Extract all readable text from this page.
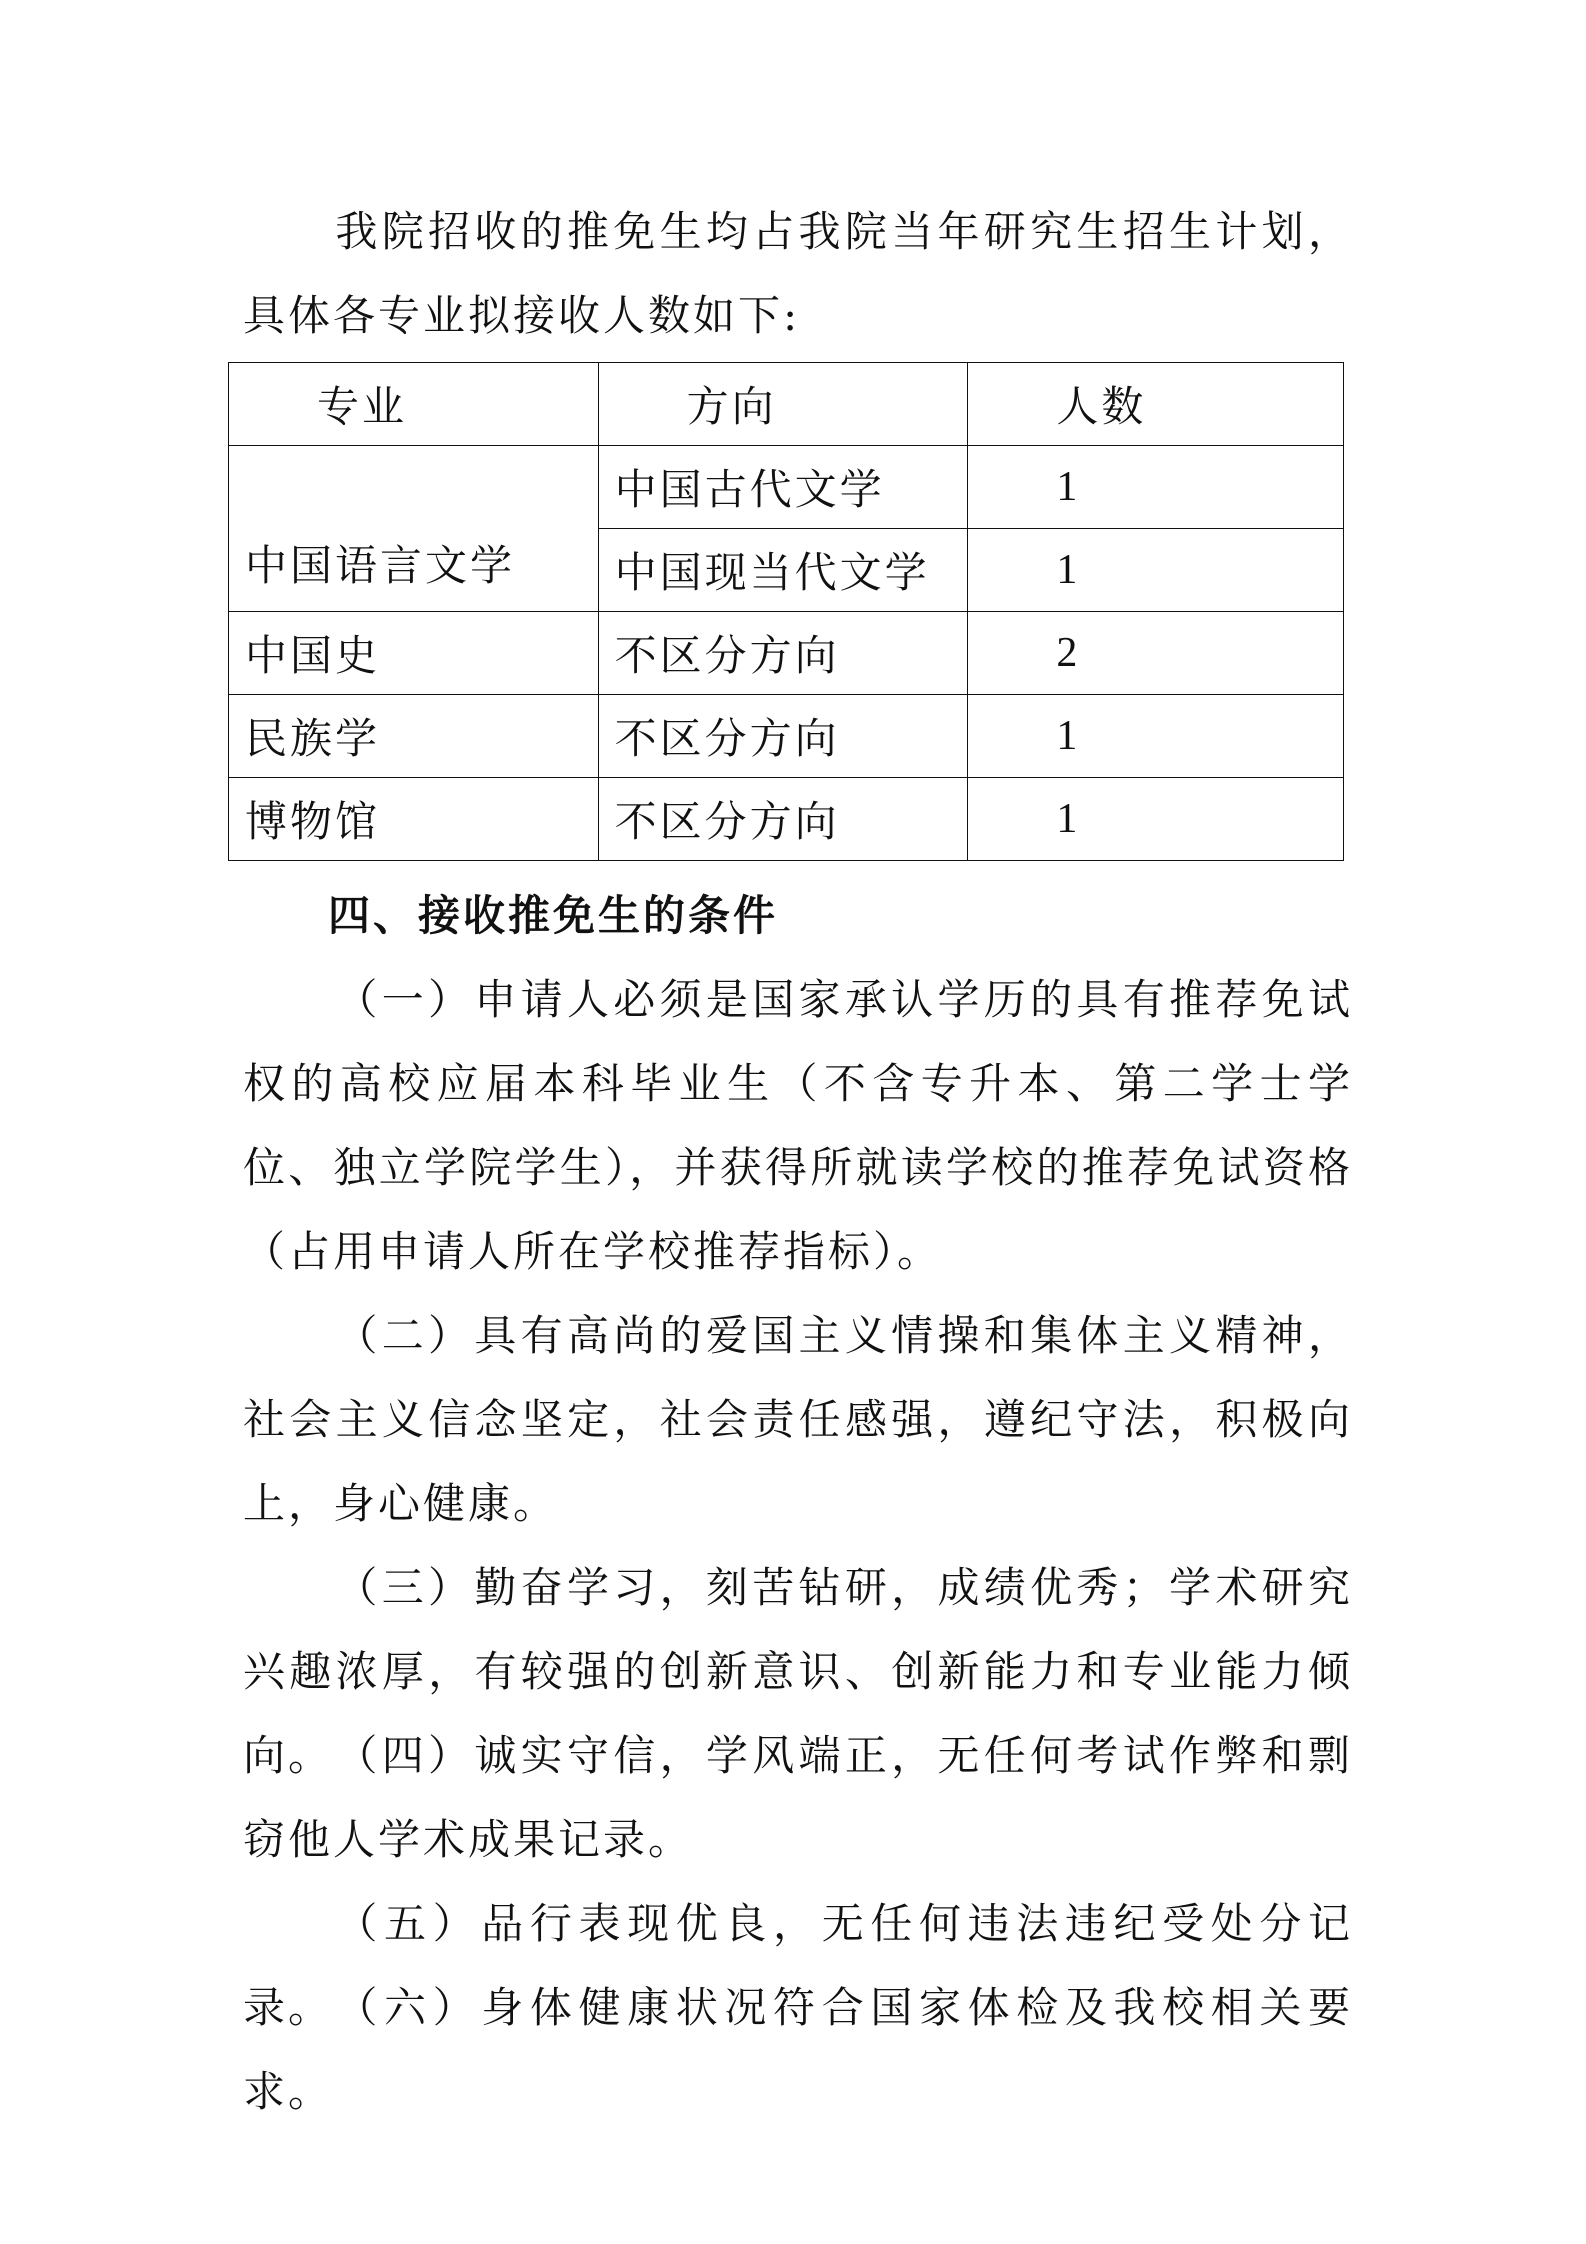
我院招收的推免生均占我院当年研究生招生计划，具体各专业拟接收人数如下:

专业	方向	人数
中国语言文学	中国古代文学	1
	中国现当代文学	1
中国史	不区分方向	2
民族学	不区分方向	1
博物馆	不区分方向	1
四、接收推免生的条件

（一）申请人必须是国家承认学历的具有推荐免试权的高校应届本科毕业生（不含专升本、第二学士学位、独立学院学生），并获得所就读学校的推荐免试资格（占用申请人所在学校推荐指标）。

（二）具有高尚的爱国主义情操和集体主义精神，社会主义信念坚定，社会责任感强，遵纪守法，积极向上，身心健康。

（三）勤奋学习，刻苦钻研，成绩优秀；学术研究兴趣浓厚，有较强的创新意识、创新能力和专业能力倾向。 （四）诚实守信，学风端正，无任何考试作弊和剽窃他人学术成果记录。

（五）品行表现优良，无任何违法违纪受处分记录。 （六）身体健康状况符合国家体检及我校相关要求。
